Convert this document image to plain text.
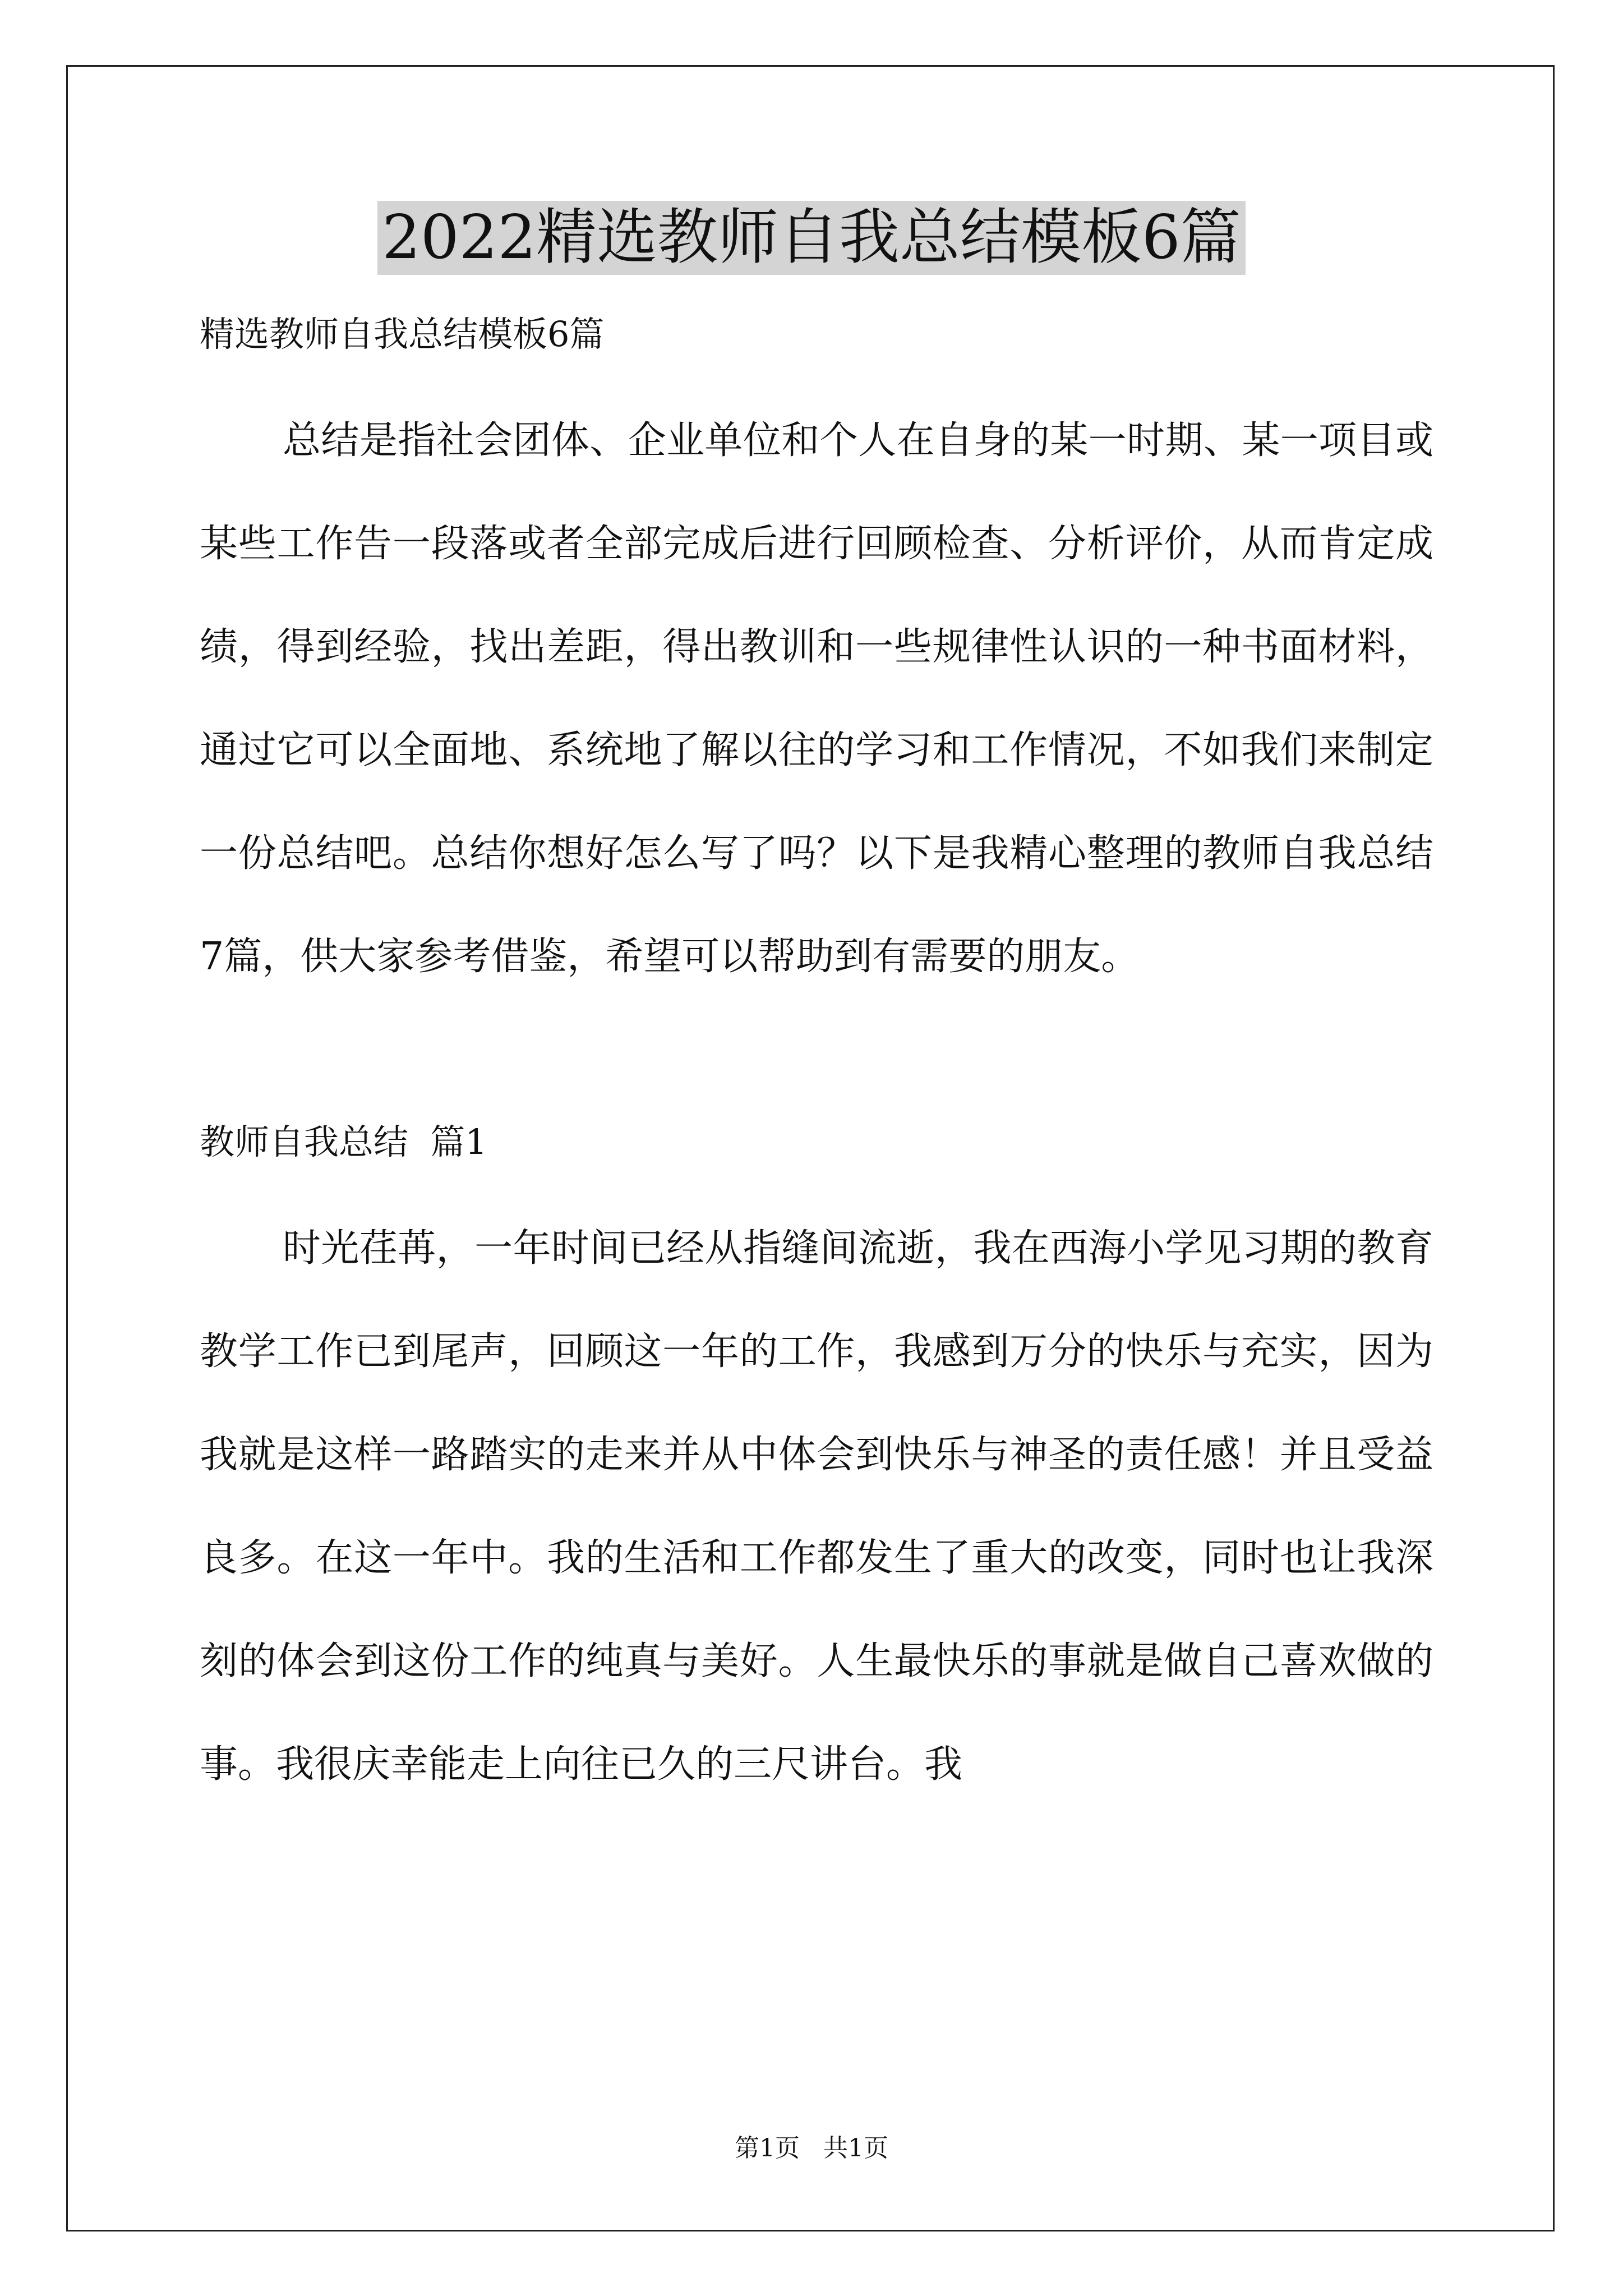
2022精选教师自我总结模板6篇

精选教师自我总结模板6篇

总结是指社会团体、企业单位和个人在自身的某一时期、某一项目或某些工作告一段落或者全部完成后进行回顾检查、分析评价，从而肯定成绩，得到经验，找出差距，得出教训和一些规律性认识的一种书面材料，通过它可以全面地、系统地了解以往的学习和工作情况，不如我们来制定一份总结吧。总结你想好怎么写了吗？以下是我精心整理的教师自我总结7篇，供大家参考借鉴，希望可以帮助到有需要的朋友。

教师自我总结  篇1

时光荏苒，一年时间已经从指缝间流逝，我在西海小学见习期的教育教学工作已到尾声，回顾这一年的工作，我感到万分的快乐与充实，因为我就是这样一路踏实的走来并从中体会到快乐与神圣的责任感！并且受益良多。在这一年中。我的生活和工作都发生了重大的改变，同时也让我深刻的体会到这份工作的纯真与美好。人生最快乐的事就是做自己喜欢做的事。我很庆幸能走上向往已久的三尺讲台。我

第1页   共1页
